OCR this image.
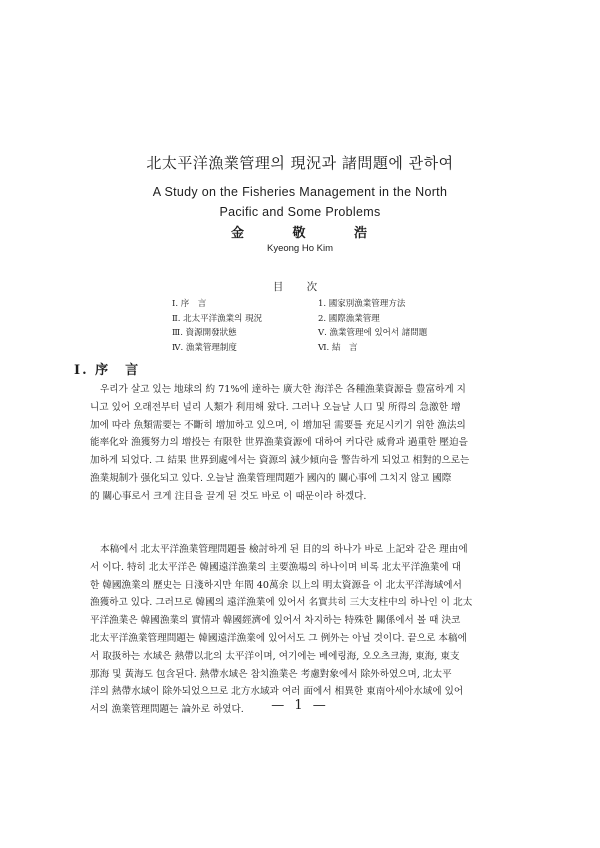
北太平洋漁業管理의 現況과 諸問題에 관하여
A Study on the Fisheries Management in the North
Pacific and Some Problems
金 敬 浩
Kyeong Ho Kim
目 次
Ⅰ. 序　言
Ⅱ. 北太平洋漁業의 現況
Ⅲ. 資源開發狀態
Ⅳ. 漁業管理制度
1. 國家別漁業管理方法
2. 國際漁業管理
Ⅴ. 漁業管理에 있어서 諸問題
Ⅵ. 結　言
Ⅰ. 序　言
우리가 살고 있는 地球의 約 71%에 達하는 廣大한 海洋은 各種漁業資源을 豊富하게 지
니고 있어 오래전부터 널리 人類가 利用해 왔다. 그러나 오늘날 人口 및 所得의 急激한 增
加에 따라 魚類需要는 不斷히 增加하고 있으며, 이 增加된 需要를 充足시키기 위한 漁法의
能率化와 漁獲努力의 增投는 有限한 世界漁業資源에 대하여 커다란 威脅과 過重한 壓迫을
加하게 되었다. 그 結果 世界到處에서는 資源의 減少傾向을 警告하게 되었고 相對的으로는
漁業規制가 强化되고 있다. 오늘날 漁業管理問題가 國內的 關心事에 그치지 않고 國際
的 關心事로서 크게 注目을 끌게 된 것도 바로 이 때문이라 하겠다.
本稿에서 北太平洋漁業管理問題를 檢討하게 된 目的의 하나가 바로 上記와 같은 理由에
서 이다. 特히 北太平洋은 韓國遠洋漁業의 主要漁場의 하나이며 비록 北太平洋漁業에 대
한 韓國漁業의 歷史는 日淺하지만 年間 40萬余 以上의 明太資源을 이 北太平洋海域에서
漁獲하고 있다. 그러므로 韓國의 遠洋漁業에 있어서 名實共히 三大支柱中의 하나인 이 北太
平洋漁業은 韓國漁業의 實情과 韓國經濟에 있어서 차지하는 特殊한 關係에서 볼 때 決코
北太平洋漁業管理問題는 韓國遠洋漁業에 있어서도 그 例外는 아닐 것이다. 끝으로 本稿에
서 取扱하는 水域은 熱帶以北의 太平洋이며, 여기에는 베에링海, 오오츠크海, 東海, 東支
那海 및 黃海도 包含된다. 熱帶水域은 참치漁業은 考慮對象에서 除外하였으며, 北太平
洋의 熱帶水域이 除外되었으므로 北方水域과 여러 面에서 相異한 東南아세아水域에 있어
서의 漁業管理問題는 論外로 하였다.	— 1 —
